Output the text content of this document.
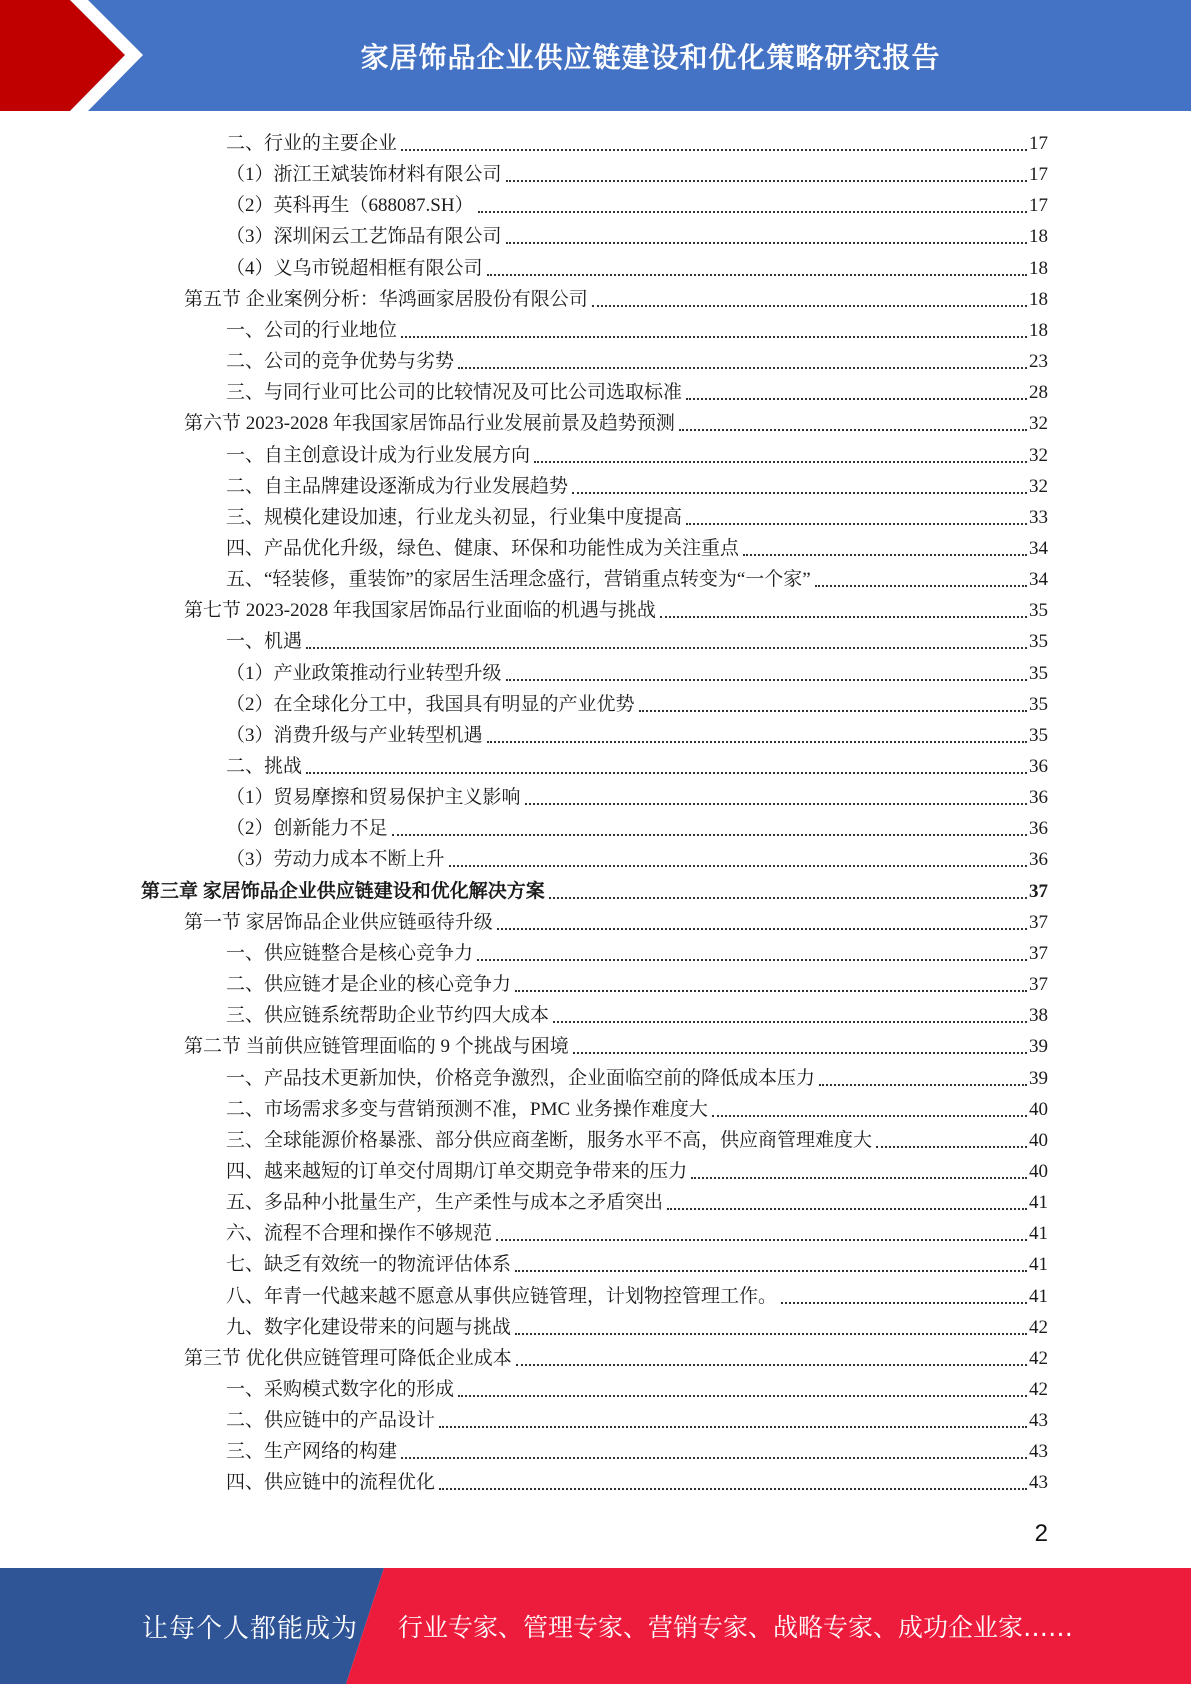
家居饰品企业供应链建设和优化策略研究报告
二、行业的主要企业	17
（1）浙江王斌装饰材料有限公司	17
（2）英科再生（688087.SH）	17
（3）深圳闲云工艺饰品有限公司	18
（4）义乌市锐超相框有限公司	18
第五节 企业案例分析：华鸿画家居股份有限公司	18
一、公司的行业地位	18
二、公司的竞争优势与劣势	23
三、与同行业可比公司的比较情况及可比公司选取标准	28
第六节 2023-2028 年我国家居饰品行业发展前景及趋势预测	32
一、自主创意设计成为行业发展方向	32
二、自主品牌建设逐渐成为行业发展趋势	32
三、规模化建设加速，行业龙头初显，行业集中度提高	33
四、产品优化升级，绿色、健康、环保和功能性成为关注重点	34
五、“轻装修，重装饰”的家居生活理念盛行，营销重点转变为“一个家”	34
第七节 2023-2028 年我国家居饰品行业面临的机遇与挑战	35
一、机遇	35
（1）产业政策推动行业转型升级	35
（2）在全球化分工中，我国具有明显的产业优势	35
（3）消费升级与产业转型机遇	35
二、挑战	36
（1）贸易摩擦和贸易保护主义影响	36
（2）创新能力不足	36
（3）劳动力成本不断上升	36
第三章 家居饰品企业供应链建设和优化解决方案	37
第一节 家居饰品企业供应链亟待升级	37
一、供应链整合是核心竞争力	37
二、供应链才是企业的核心竞争力	37
三、供应链系统帮助企业节约四大成本	38
第二节 当前供应链管理面临的 9 个挑战与困境	39
一、产品技术更新加快，价格竞争激烈，企业面临空前的降低成本压力	39
二、市场需求多变与营销预测不准，PMC 业务操作难度大	40
三、全球能源价格暴涨、部分供应商垄断，服务水平不高，供应商管理难度大	40
四、越来越短的订单交付周期/订单交期竞争带来的压力	40
五、多品种小批量生产，生产柔性与成本之矛盾突出	41
六、流程不合理和操作不够规范	41
七、缺乏有效统一的物流评估体系	41
八、年青一代越来越不愿意从事供应链管理，计划物控管理工作。	41
九、数字化建设带来的问题与挑战	42
第三节 优化供应链管理可降低企业成本	42
一、采购模式数字化的形成	42
二、供应链中的产品设计	43
三、生产网络的构建	43
四、供应链中的流程优化	43
2
让每个人都能成为 行业专家、管理专家、营销专家、战略专家、成功企业家……
